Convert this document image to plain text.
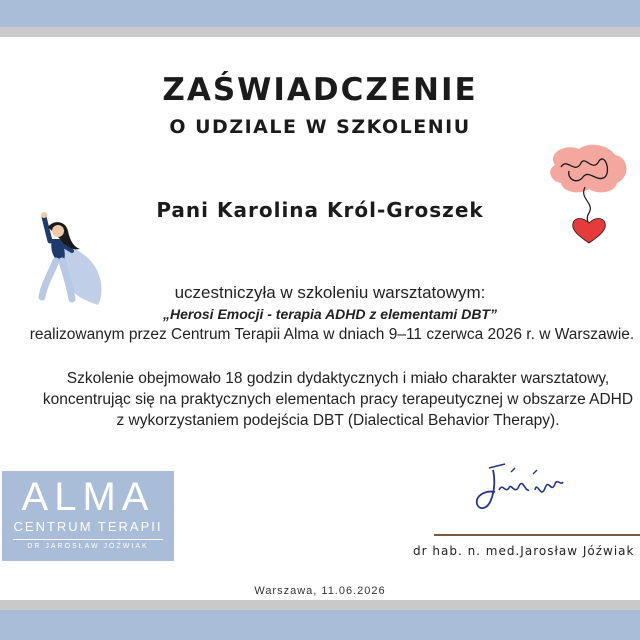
ZAŚWIADCZENIE
O UDZIALE W SZKOLENIU
Pani Karolina Król-Groszek
uczestniczyła w szkoleniu warsztatowym:
„Herosi Emocji - terapia ADHD z elementami DBT”
realizowanym przez Centrum Terapii Alma w dniach 9–11 czerwca 2026 r. w Warszawie.
Szkolenie obejmowało 18 godzin dydaktycznych i miało charakter warsztatowy,
koncentrując się na praktycznych elementach pracy terapeutycznej w obszarze ADHD
z wykorzystaniem podejścia DBT (Dialectical Behavior Therapy).
ALMA
CENTRUM TERAPII
DR JAROSŁAW JÓŹWIAK	dr hab. n. med.Jarosław Jóźwiak
Warszawa, 11.06.2026
